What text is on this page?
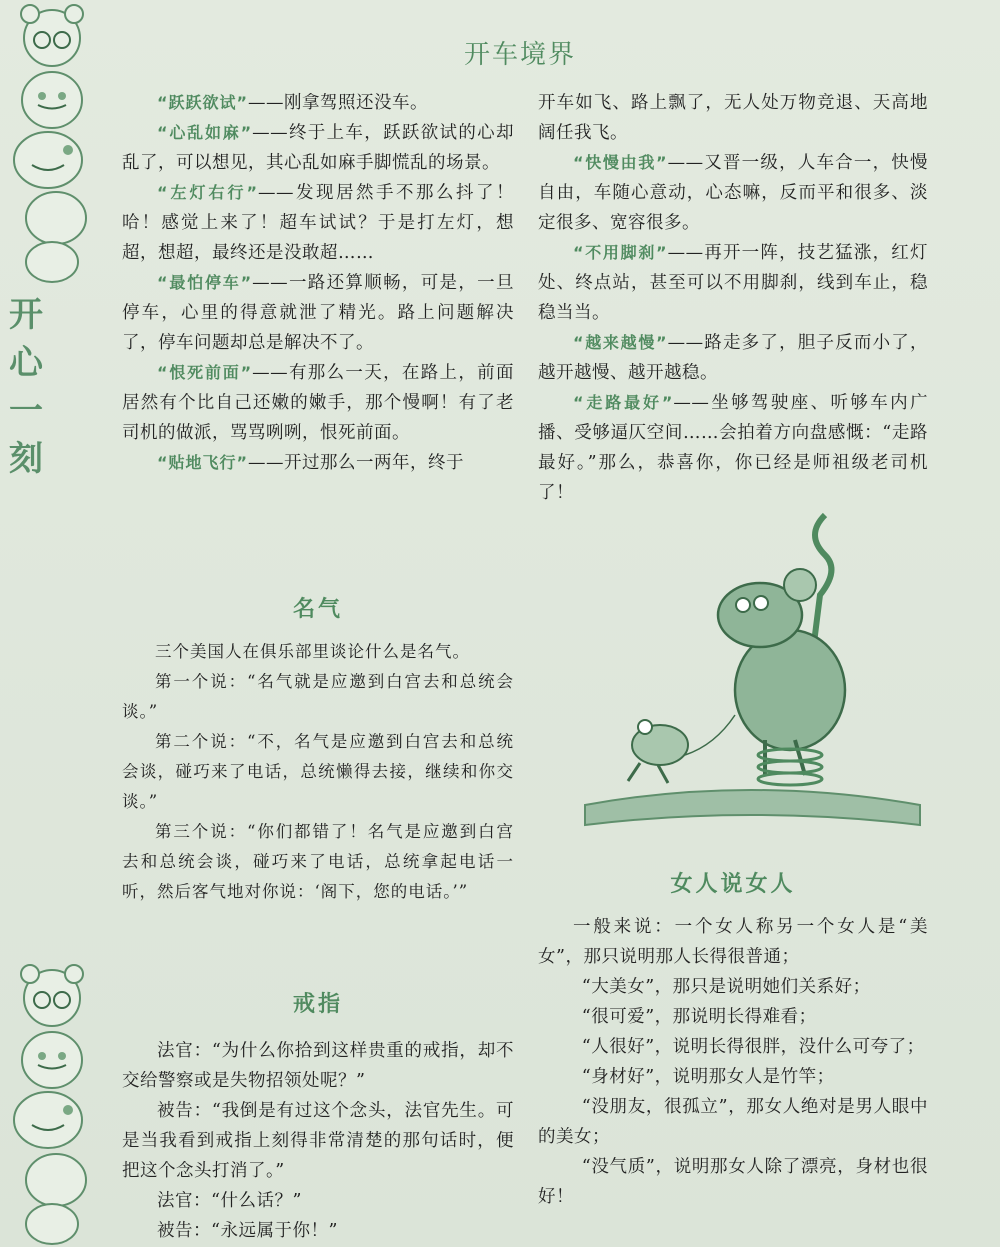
开
心
一
刻
开车境界

“跃跃欲试”——刚拿驾照还没车。

“心乱如麻”——终于上车，跃跃欲试的心却乱了，可以想见，其心乱如麻手脚慌乱的场景。

“左灯右行”——发现居然手不那么抖了！哈！感觉上来了！超车试试？于是打左灯，想超，想超，最终还是没敢超……

“最怕停车”——一路还算顺畅，可是，一旦停车，心里的得意就泄了精光。路上问题解决了，停车问题却总是解决不了。

“恨死前面”——有那么一天，在路上，前面居然有个比自己还嫩的嫩手，那个慢啊！有了老司机的做派，骂骂咧咧，恨死前面。

“贴地飞行”——开过那么一两年，终于

开车如飞、路上飘了，无人处万物竞退、天高地阔任我飞。

“快慢由我”——又晋一级，人车合一，快慢自由，车随心意动，心态嘛，反而平和很多、淡定很多、宽容很多。

“不用脚刹”——再开一阵，技艺猛涨，红灯处、终点站，甚至可以不用脚刹，线到车止，稳稳当当。

“越来越慢”——路走多了，胆子反而小了，越开越慢、越开越稳。

“走路最好”——坐够驾驶座、听够车内广播、受够逼仄空间……会拍着方向盘感慨：“走路最好。”那么，恭喜你，你已经是师祖级老司机了！

名气

三个美国人在俱乐部里谈论什么是名气。

第一个说：“名气就是应邀到白宫去和总统会谈。”

第二个说：“不，名气是应邀到白宫去和总统会谈，碰巧来了电话，总统懒得去接，继续和你交谈。”

第三个说：“你们都错了！名气是应邀到白宫去和总统会谈，碰巧来了电话，总统拿起电话一听，然后客气地对你说：‘阁下，您的电话。’”

戒指

法官：“为什么你拾到这样贵重的戒指，却不交给警察或是失物招领处呢？”

被告：“我倒是有过这个念头，法官先生。可是当我看到戒指上刻得非常清楚的那句话时，便把这个念头打消了。”

法官：“什么话？”

被告：“永远属于你！”

女人说女人

一般来说：一个女人称另一个女人是“美女”，那只说明那人长得很普通；

“大美女”，那只是说明她们关系好；

“很可爱”，那说明长得难看；

“人很好”，说明长得很胖，没什么可夸了；

“身材好”，说明那女人是竹竿；

“没朋友，很孤立”，那女人绝对是男人眼中的美女；

“没气质”，说明那女人除了漂亮，身材也很好！
